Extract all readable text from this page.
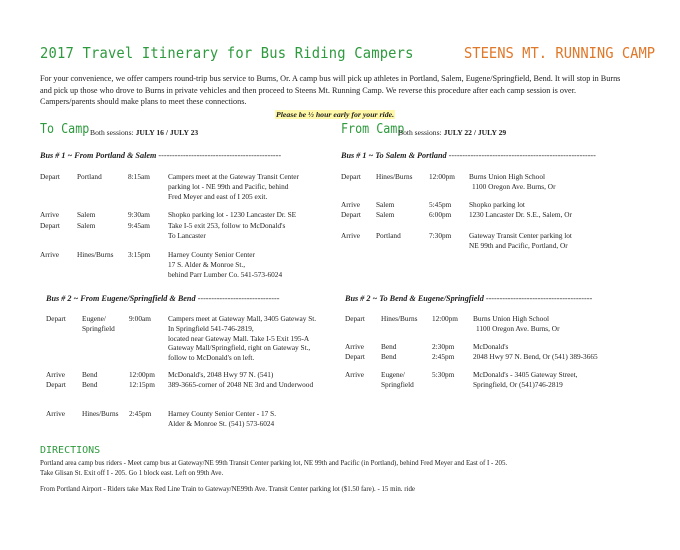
2017 Travel Itinerary for Bus Riding Campers	STEENS MT. RUNNING CAMP

For your convenience, we offer campers round-trip bus service to Burns, Or. A camp bus will pick up athletes in Portland, Salem, Eugene/Springfield, Bend. It will stop in Burns

and pick up those who drove to Burns in private vehicles and then proceed to Steens Mt. Running Camp. We reverse this procedure after each camp session is over.

Campers/parents should make plans to meet these connections.

Please be ½ hour early for your ride.
To Camp Both sessions: JULY 16 / JULY 23	From Camp
Both sessions: JULY 22 / JULY 29
Bus # 1 ~ From Portland & Salem ---------------------------------------------
Depart Portland	8:15am Campers meet at the Gateway Transit Center
parking lot - NE 99th and Pacific, behind
Fred Meyer and east of I 205 exit.
Arrive Salem	9:30am Shopko parking lot - 1230 Lancaster Dr. SE
Depart Salem	9:45am Take I-5 exit 253, follow to McDonald's
To Lancaster
Arrive Hines/Burns 3:15pm Harney County Senior Center
17 S. Alder & Monroe St.,
behind Parr Lumber Co. 541-573-6024
Bus # 1 ~ To Salem & Portland ------------------------------------------------------
Depart Hines/Burns 12:00pm Burns Union High School
1100 Oregon Ave. Burns, Or
Arrive Salem	5:45pm Shopko parking lot
Depart Salem	6:00pm 1230 Lancaster Dr. S.E., Salem, Or
Arrive Portland	7:30pm Gateway Transit Center parking lot
NE 99th and Pacific, Portland, Or
Bus # 2 ~ From Eugene/Springfield & Bend ------------------------------
Depart Eugene/
Springfield
9:00am Campers meet at Gateway Mall, 3405 Gateway St.
In Springfield 541-746-2819,
located near Gateway Mall. Take I-5 Exit 195-A
Gateway Mall/Springfield, right on Gateway St.,
follow to McDonald's on left.
Arrive Bend	12:00pm McDonald's, 2048 Hwy 97 N. (541)
Depart Bend	12:15pm 389-3665-corner of 2048 NE 3rd and Underwood
Arrive Hines/Burns 2:45pm Harney County Senior Center - 17 S.
Alder & Monroe St. (541) 573-6024
Bus # 2 ~ To Bend & Eugene/Springfield ---------------------------------------
Depart Hines/Burns 12:00pm Burns Union High School
1100 Oregon Ave. Burns, Or
Arrive Bend	2:30pm	McDonald's
Depart Bend	2:45pm	2048 Hwy 97 N. Bend, Or (541) 389-3665
Arrive Eugene/
Springfield
5:30pm	McDonald's - 3405 Gateway Street,
Springfield, Or (541)746-2819
DIRECTIONS
Portland area camp bus riders - Meet camp bus at Gateway/NE 99th Transit Center parking lot, NE 99th and Pacific (in Portland), behind Fred Meyer and East of I - 205.
Take Glisan St. Exit off I - 205. Go 1 block east. Left on 99th Ave.
From Portland Airport - Riders take Max Red Line Train to Gateway/NE99th Ave. Transit Center parking lot ($1.50 fare). - 15 min. ride
